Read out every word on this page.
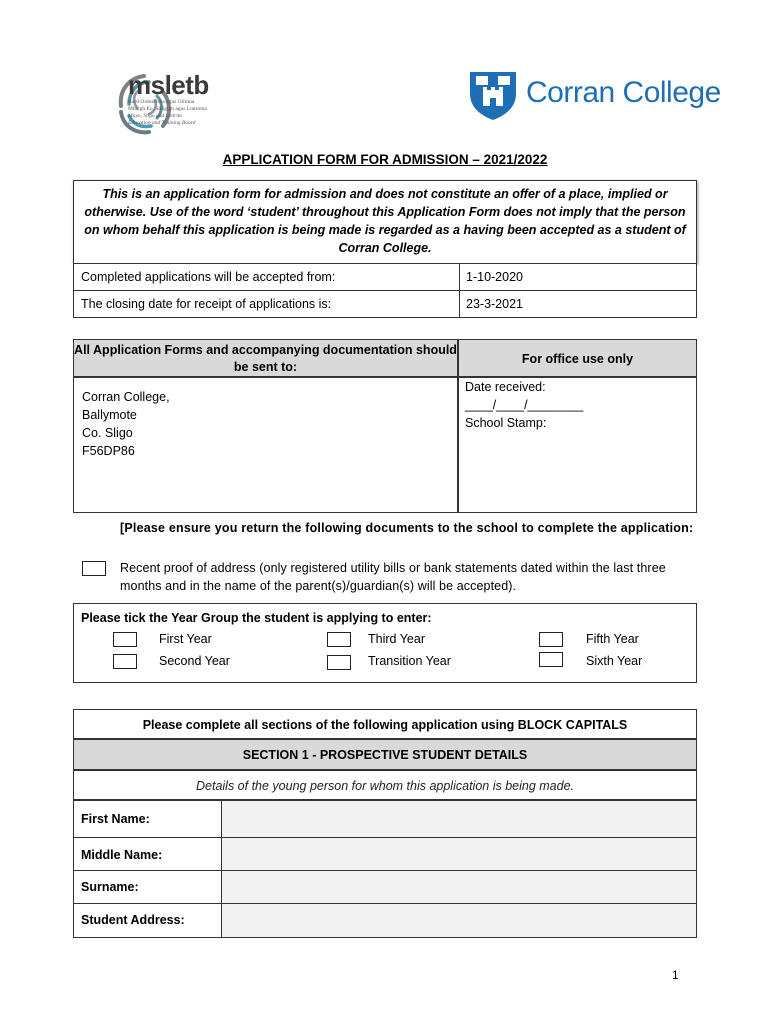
msletb
Bord Oideachais agus Oiliúna
Mhaigh Eo, Shligigh agus Liatroma
Mayo, Sligo and Leitrim
Education and Training Board
Corran College
APPLICATION FORM FOR ADMISSION – 2021/2022
This is an application form for admission and does not constitute an offer of a place, implied or otherwise. Use of the word ‘student’ throughout this Application Form does not imply that the person on whom behalf this application is being made is regarded as a having been accepted as a student of Corran College.
Completed applications will be accepted from:	1-10-2020
The closing date for receipt of applications is:	23-3-2021
All Application Forms and accompanying documentation should be sent to:
For office use only
Corran College,
Ballymote
Co. Sligo
F56DP86
Date received:
____/____/________
School Stamp:
[Please ensure you return the following documents to the school to complete the application:
Recent proof of address (only registered utility bills or bank statements dated within the last three months and in the name of the parent(s)/guardian(s) will be accepted).
Please tick the Year Group the student is applying to enter:
First Year	Third Year	Fifth Year
Second Year	Transition Year	Sixth Year
Please complete all sections of the following application using BLOCK CAPITALS
SECTION 1 - PROSPECTIVE STUDENT DETAILS
Details of the young person for whom this application is being made.
First Name:
Middle Name:
Surname:
Student Address:
1
